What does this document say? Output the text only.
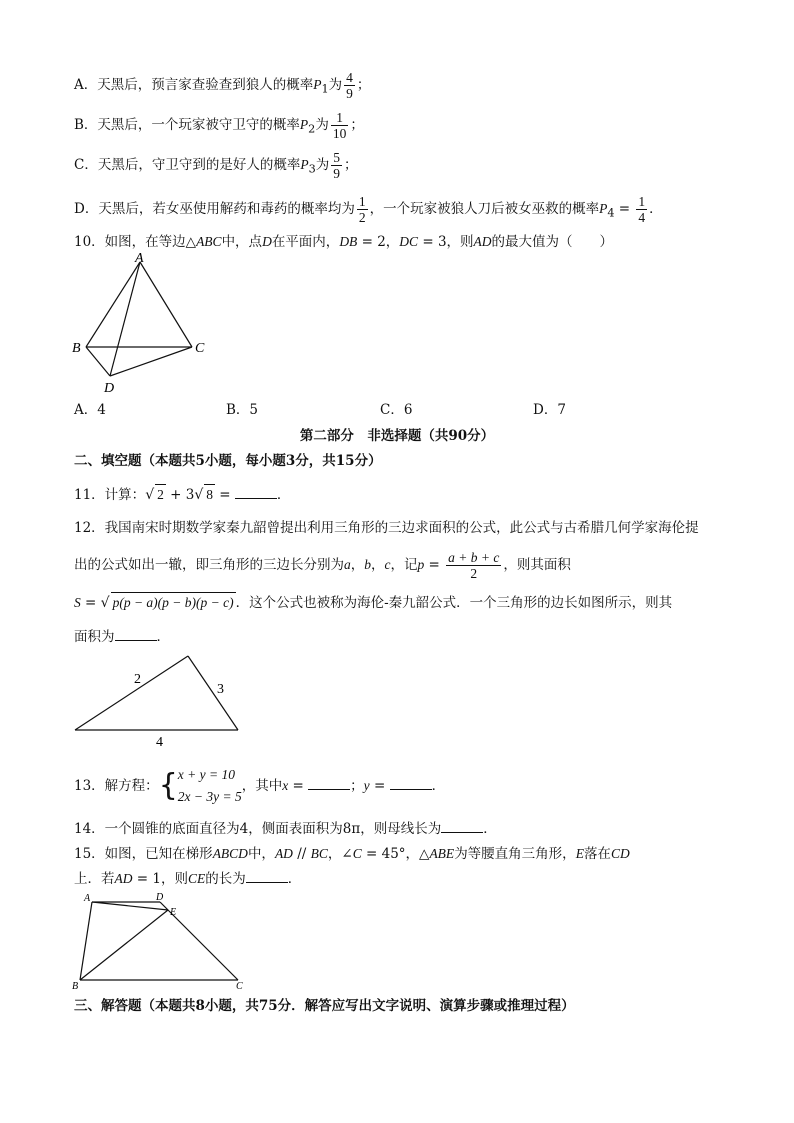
A．天黑后，预言家查验查到狼人的概率$P_1$为 $\frac{4}{9}$ ；
B．天黑后，一个玩家被守卫守的概率$P_2$为 $\frac{1}{10}$ ；
C．天黑后，守卫守到的是好人的概率$P_3$为 $\frac{5}{9}$ ；
D．天黑后，若女巫使用解药和毒药的概率均为 $\frac{1}{2}$ ，一个玩家被狼人刀后被女巫救的概率$P_4 = \frac{1}{4}$ ．
10．如图，在等边△ABC中，点D在平面内，DB = 2，DC = 3，则AD的最大值为（　　）
A
B	C
D
A．4	B．5	C．6	D．7
第二部分　非选择题（共90分）
二、填空题（本题共5小题，每小题3分，共15分）
11．计算：√ 2 + 3√ 8 =	．
12．我国南宋时期数学家秦九韶曾提出利用三角形的三边求面积的公式，此公式与古希腊几何学家海伦提
出的公式如出一辙，即三角形的三边长分别为a，b，c，记$p = \frac{a + b + c}{2}$ ，则其面积
S = √ p(p − a)(p − b)(p − c) ．这个公式也被称为海伦-秦九韶公式．一个三角形的边长如图所示，则其
面积为	．
2
3
4
13．解方程：{ x + y = 10
2x − 3y = 5
，其中x =	；y =	．
14．一个圆锥的底面直径为4，侧面表面积为8π，则母线长为	．
15．如图，已知在梯形ABCD中，AD // BC，∠C = 45°，△ABE为等腰直角三角形，E落在CD
上．若AD = 1，则CE的长为	．
A	D
E
B	C
三、解答题（本题共8小题，共75分．解答应写出文字说明、演算步骤或推理过程）
